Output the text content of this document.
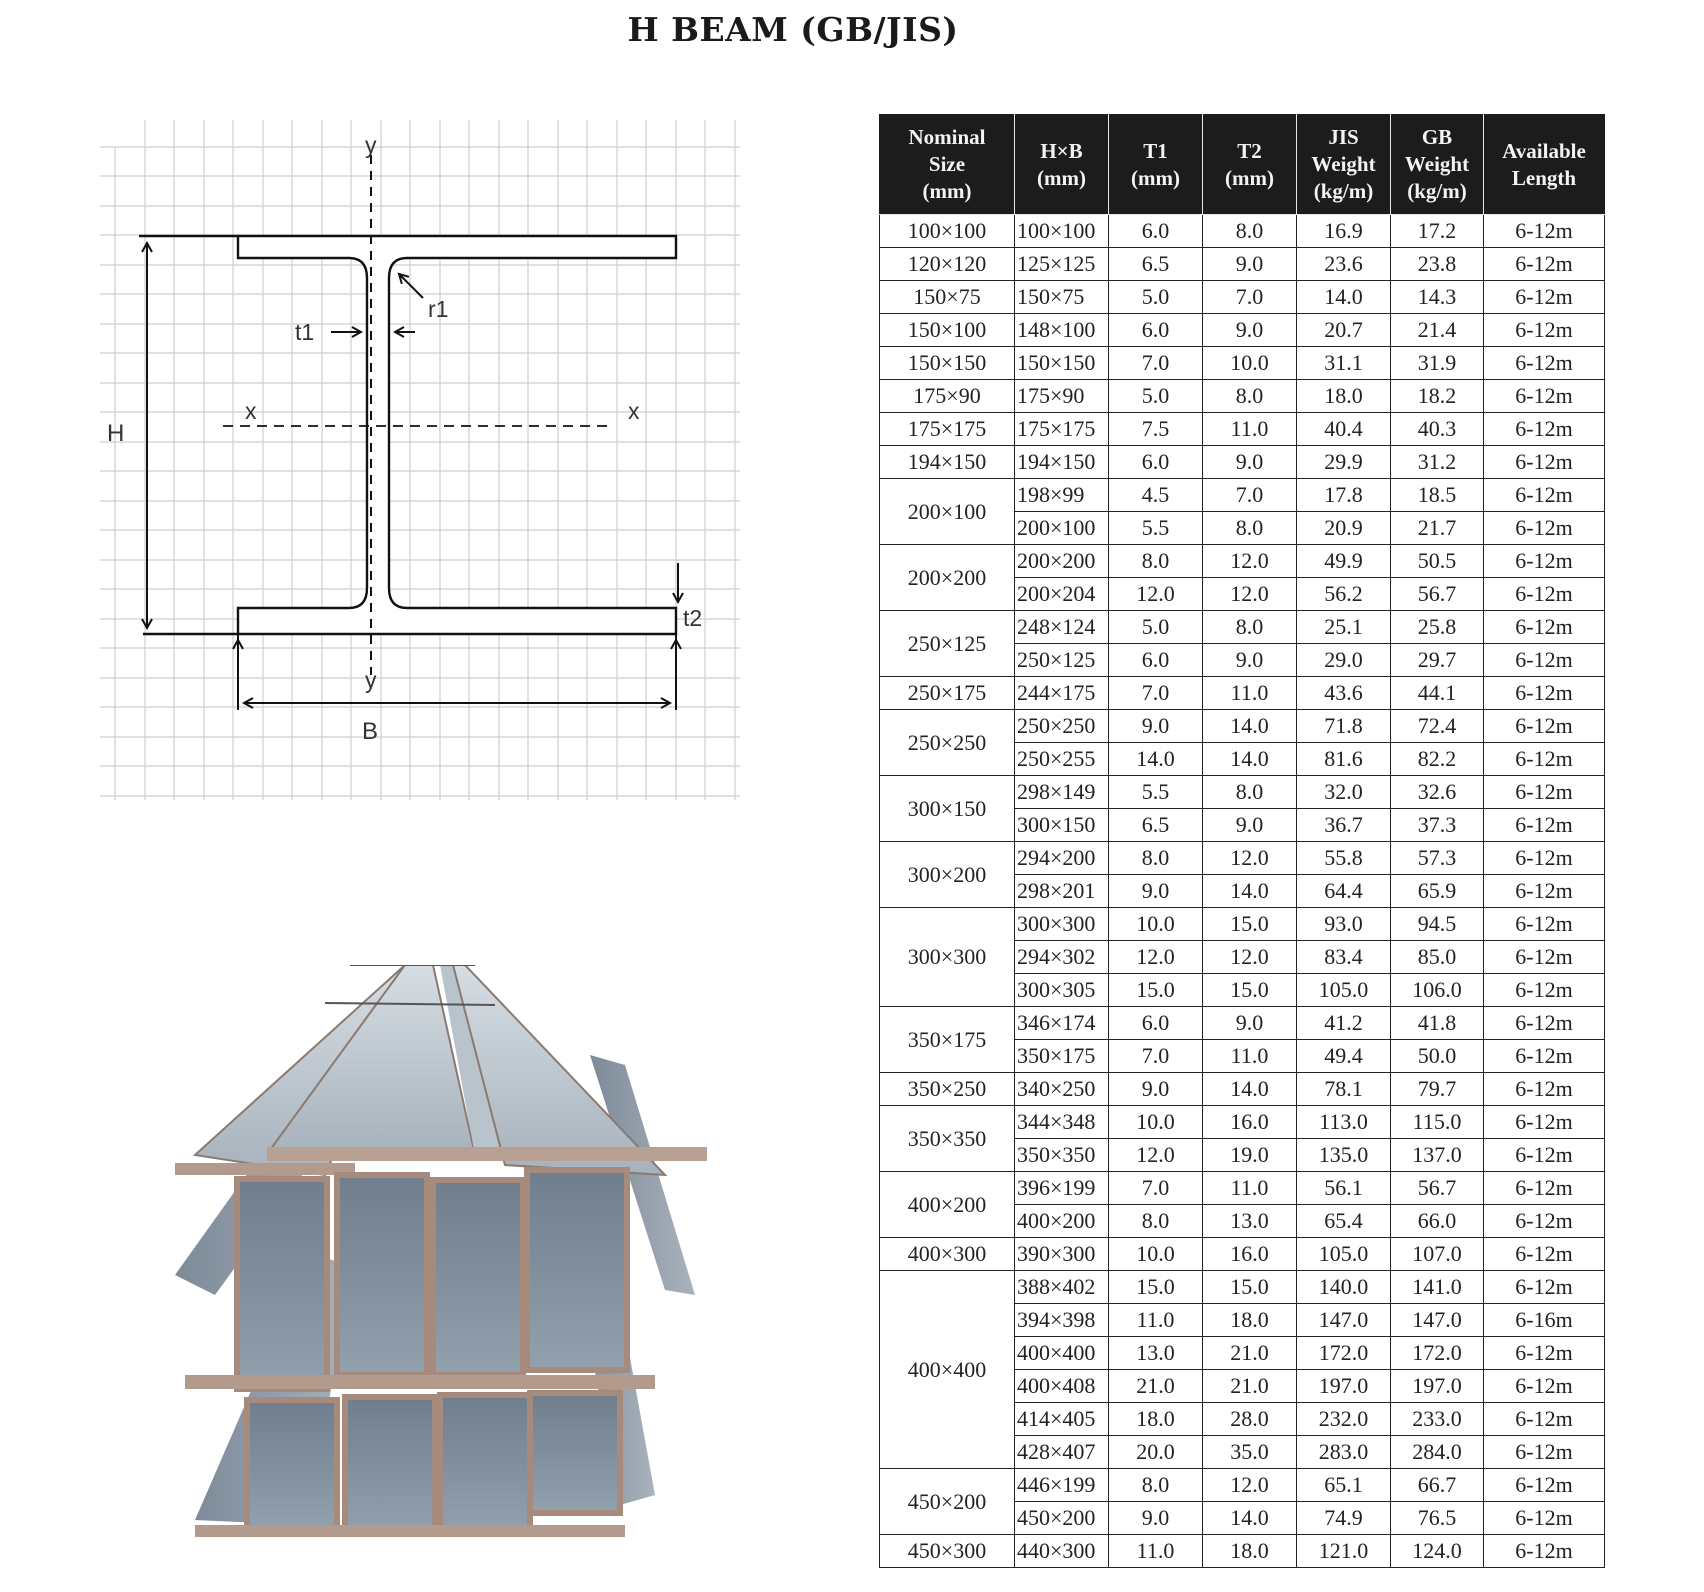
H BEAM (GB/JIS)
y
y
x	x
H
B
t1
t2
r1
Nominal
Size
(mm)

H×B
(mm)

T1
(mm)

T2
(mm)

JIS
Weight
(kg/m)

GB
Weight
(kg/m)

Available
Length

100×100	100×100	6.0	8.0	16.9	17.2	6-12m
120×120	125×125	6.5	9.0	23.6	23.8	6-12m
150×75	150×75	5.0	7.0	14.0	14.3	6-12m
150×100	148×100	6.0	9.0	20.7	21.4	6-12m
150×150	150×150	7.0	10.0	31.1	31.9	6-12m
175×90	175×90	5.0	8.0	18.0	18.2	6-12m
175×175	175×175	7.5	11.0	40.4	40.3	6-12m
194×150	194×150	6.0	9.0	29.9	31.2	6-12m
200×100	198×99	4.5	7.0	17.8	18.5	6-12m
	200×100	5.5	8.0	20.9	21.7	6-12m
200×200	200×200	8.0	12.0	49.9	50.5	6-12m
	200×204	12.0	12.0	56.2	56.7	6-12m
250×125	248×124	5.0	8.0	25.1	25.8	6-12m
	250×125	6.0	9.0	29.0	29.7	6-12m
250×175	244×175	7.0	11.0	43.6	44.1	6-12m
250×250	250×250	9.0	14.0	71.8	72.4	6-12m
	250×255	14.0	14.0	81.6	82.2	6-12m
300×150	298×149	5.5	8.0	32.0	32.6	6-12m
	300×150	6.5	9.0	36.7	37.3	6-12m
300×200	294×200	8.0	12.0	55.8	57.3	6-12m
	298×201	9.0	14.0	64.4	65.9	6-12m
300×300	300×300	10.0	15.0	93.0	94.5	6-12m
	294×302	12.0	12.0	83.4	85.0	6-12m
	300×305	15.0	15.0	105.0	106.0	6-12m
350×175	346×174	6.0	9.0	41.2	41.8	6-12m
	350×175	7.0	11.0	49.4	50.0	6-12m
350×250	340×250	9.0	14.0	78.1	79.7	6-12m
350×350	344×348	10.0	16.0	113.0	115.0	6-12m
	350×350	12.0	19.0	135.0	137.0	6-12m
400×200	396×199	7.0	11.0	56.1	56.7	6-12m
	400×200	8.0	13.0	65.4	66.0	6-12m
400×300	390×300	10.0	16.0	105.0	107.0	6-12m
400×400	388×402	15.0	15.0	140.0	141.0	6-12m
	394×398	11.0	18.0	147.0	147.0	6-16m
	400×400	13.0	21.0	172.0	172.0	6-12m
	400×408	21.0	21.0	197.0	197.0	6-12m
	414×405	18.0	28.0	232.0	233.0	6-12m
	428×407	20.0	35.0	283.0	284.0	6-12m
450×200	446×199	8.0	12.0	65.1	66.7	6-12m
	450×200	9.0	14.0	74.9	76.5	6-12m
450×300	440×300	11.0	18.0	121.0	124.0	6-12m
